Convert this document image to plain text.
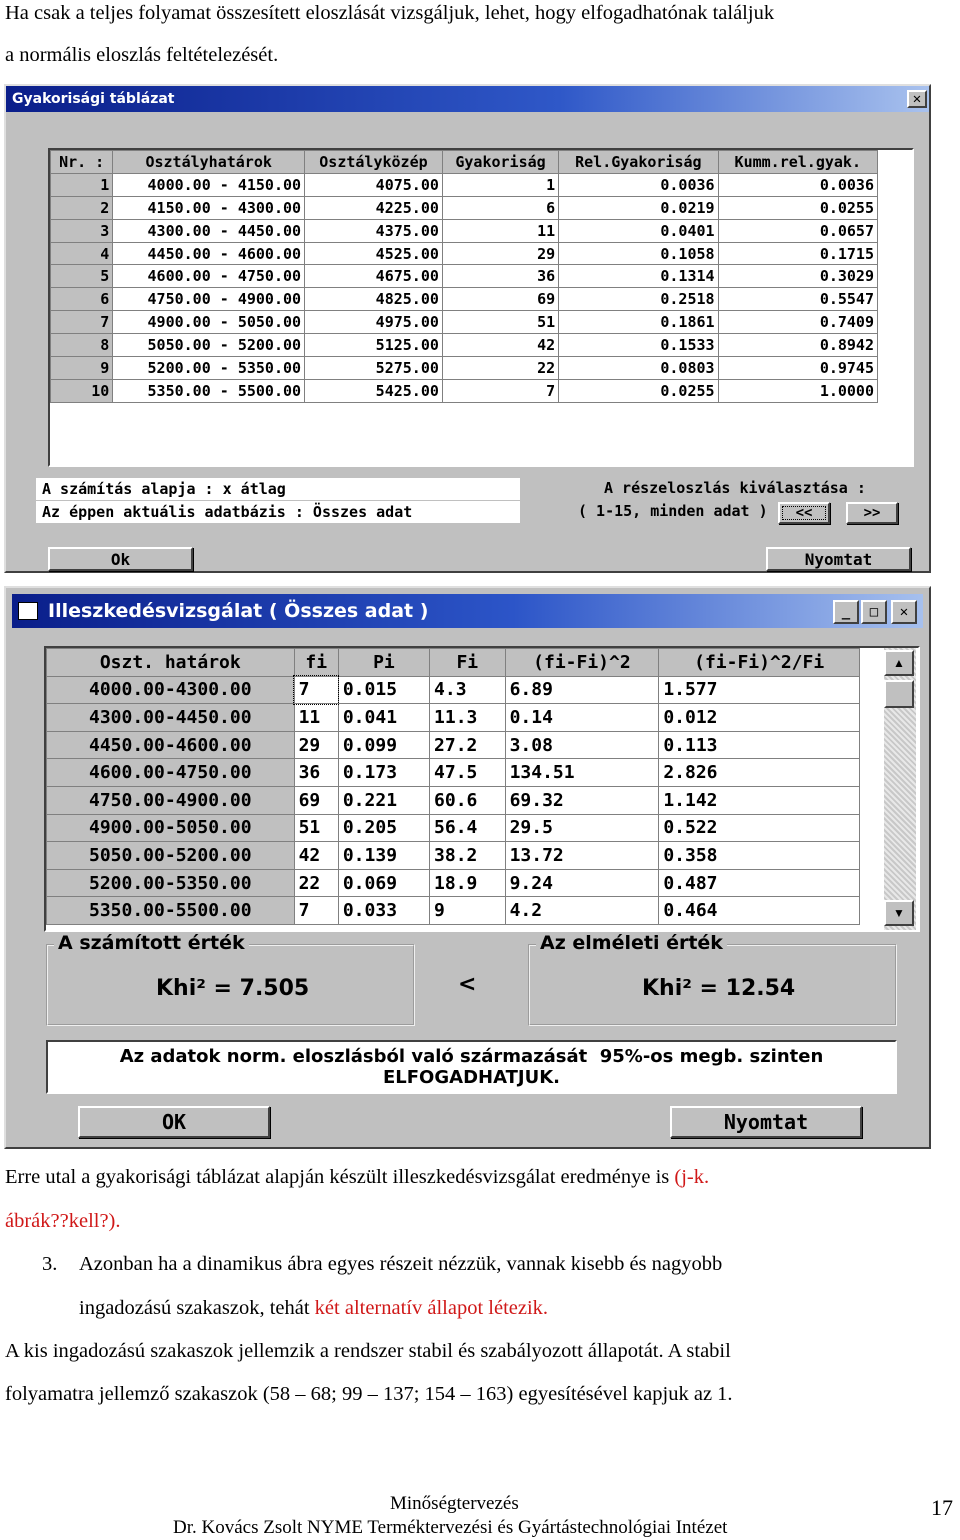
Ha csak a teljes folyamat összesített eloszlását vizsgáljuk, lehet, hogy elfogadhatónak találjuk
a normális eloszlás feltételezését.
Gyakorisági táblázat	✕
Nr. :	Osztályhatárok	Osztályközép	Gyakoriság	Rel.Gyakoriság	Kumm.rel.gyak.
1	4000.00 - 4150.00	4075.00	1	0.0036	0.0036
2	4150.00 - 4300.00	4225.00	6	0.0219	0.0255
3	4300.00 - 4450.00	4375.00	11	0.0401	0.0657
4	4450.00 - 4600.00	4525.00	29	0.1058	0.1715
5	4600.00 - 4750.00	4675.00	36	0.1314	0.3029
6	4750.00 - 4900.00	4825.00	69	0.2518	0.5547
7	4900.00 - 5050.00	4975.00	51	0.1861	0.7409
8	5050.00 - 5200.00	5125.00	42	0.1533	0.8942
9	5200.00 - 5350.00	5275.00	22	0.0803	0.9745
10	5350.00 - 5500.00	5425.00	7	0.0255	1.0000
A számítás alapja : x átlag
Az éppen aktuális adatbázis : Összes adat
A részeloszlás kiválasztása :
( 1-15, minden adat )	<<	>>
Ok	Nyomtat
Illeszkedésvizsgálat ( Összes adat )	_	□	✕
Oszt. határok	fi	Pi	Fi	(fi-Fi)^2	(fi-Fi)^2/Fi
4000.00-4300.00	7	0.015	4.3	6.89	1.577
4300.00-4450.00	11	0.041	11.3	0.14	0.012
4450.00-4600.00	29	0.099	27.2	3.08	0.113
4600.00-4750.00	36	0.173	47.5	134.51	2.826
4750.00-4900.00	69	0.221	60.6	69.32	1.142
4900.00-5050.00	51	0.205	56.4	29.5	0.522
5050.00-5200.00	42	0.139	38.2	13.72	0.358
5200.00-5350.00	22	0.069	18.9	9.24	0.487
5350.00-5500.00	7	0.033	9	4.2	0.464
▲
▼
A számított érték
Khi² = 7.505	<
Az elméleti érték
Khi² = 12.54
Az adatok norm. eloszlásból való származását  95%-os megb. szinten
ELFOGADHATJUK.
OK	Nyomtat
Erre utal a gyakorisági táblázat alapján készült illeszkedésvizsgálat eredménye is (j-k.
ábrák??kell?).
3. Azonban ha a dinamikus ábra egyes részeit nézzük, vannak kisebb és nagyobb
ingadozású szakaszok, tehát két alternatív állapot létezik.
A kis ingadozású szakaszok jellemzik a rendszer stabil és szabályozott állapotát. A stabil
folyamatra jellemző szakaszok (58 – 68; 99 – 137; 154 – 163) egyesítésével kapjuk az 1.
Minőségtervezés
Dr. Kovács Zsolt NYME Terméktervezési és Gyártástechnológiai Intézet
17
